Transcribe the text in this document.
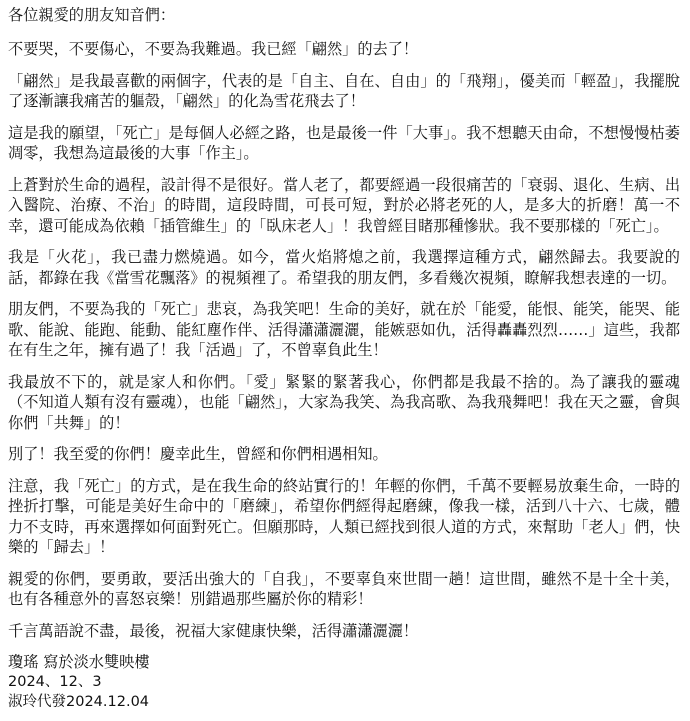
各位親愛的朋友知音們：

不要哭，不要傷心，不要為我難過。我已經「翩然」的去了！

「翩然」是我最喜歡的兩個字，代表的是「自主、自在、自由」的「飛翔」，優美而「輕盈」，我擺脫了逐漸讓我痛苦的軀殼，「翩然」的化為雪花飛去了！

這是我的願望，「死亡」是每個人必經之路，也是最後一件「大事」。我不想聽天由命，不想慢慢枯萎凋零，我想為這最後的大事「作主」。

上蒼對於生命的過程，設計得不是很好。當人老了，都要經過一段很痛苦的「衰弱、退化、生病、出入醫院、治療、不治」的時間，這段時間，可長可短，對於必將老死的人，是多大的折磨！萬一不幸，還可能成為依賴「插管維生」的「臥床老人」！我曾經目睹那種慘狀。我不要那樣的「死亡」。

我是「火花」，我已盡力燃燒過。如今，當火焰將熄之前，我選擇這種方式，翩然歸去。我要說的話，都錄在我《當雪花飄落》的視頻裡了。希望我的朋友們，多看幾次視頻，瞭解我想表達的一切。

朋友們，不要為我的「死亡」悲哀，為我笑吧！生命的美好，就在於「能愛，能恨、能笑，能哭、能歌、能說、能跑、能動、能紅塵作伴、活得瀟瀟灑灑，能嫉惡如仇，活得轟轟烈烈……」這些，我都在有生之年，擁有過了！我「活過」了，不曾辜負此生！

我最放不下的，就是家人和你們。「愛」緊緊的緊著我心，你們都是我最不捨的。為了讓我的靈魂（不知道人類有沒有靈魂），也能「翩然」，大家為我笑、為我高歌、為我飛舞吧！我在天之靈，會與你們「共舞」的！

別了！我至愛的你們！慶幸此生，曾經和你們相遇相知。

注意，我「死亡」的方式，是在我生命的終站實行的！年輕的你們，千萬不要輕易放棄生命，一時的挫折打擊，可能是美好生命中的「磨練」，希望你們經得起磨練，像我一樣，活到八十六、七歲，體力不支時，再來選擇如何面對死亡。但願那時，人類已經找到很人道的方式，來幫助「老人」們，快樂的「歸去」！

親愛的你們，要勇敢，要活出強大的「自我」，不要辜負來世間一趟！這世間，雖然不是十全十美，也有各種意外的喜怒哀樂！別錯過那些屬於你的精彩！

千言萬語說不盡，最後，祝福大家健康快樂，活得瀟瀟灑灑！

瓊瑤 寫於淡水雙映樓

2024、12、3

淑玲代發2024.12.04
